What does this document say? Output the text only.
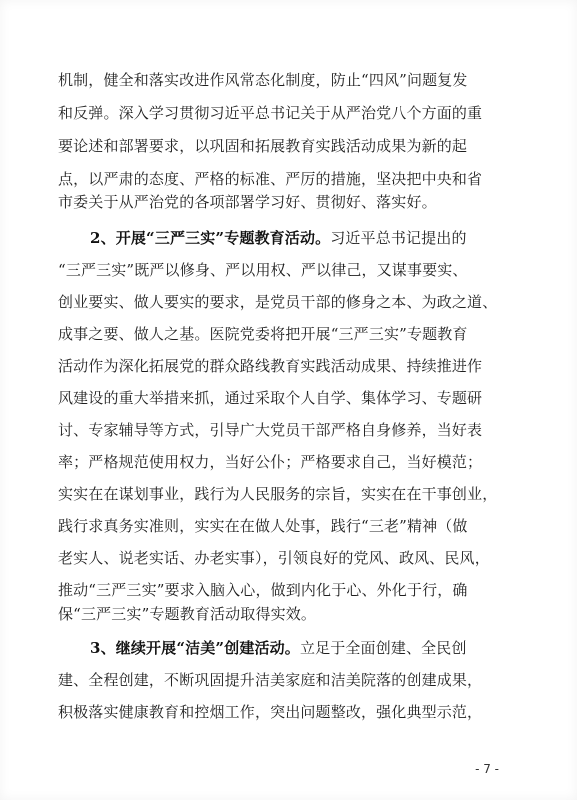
机制，健全和落实改进作风常态化制度，防止“四风”问题复发
和反弹。深入学习贯彻习近平总书记关于从严治党八个方面的重
要论述和部署要求，以巩固和拓展教育实践活动成果为新的起
点，以严肃的态度、严格的标准、严厉的措施，坚决把中央和省
市委关于从严治党的各项部署学习好、贯彻好、落实好。
2、开展“三严三实”专题教育活动。习近平总书记提出的
“三严三实”既严以修身、严以用权、严以律己，又谋事要实、
创业要实、做人要实的要求，是党员干部的修身之本、为政之道、
成事之要、做人之基。医院党委将把开展“三严三实”专题教育
活动作为深化拓展党的群众路线教育实践活动成果、持续推进作
风建设的重大举措来抓，通过采取个人自学、集体学习、专题研
讨、专家辅导等方式，引导广大党员干部严格自身修养，当好表
率；严格规范使用权力，当好公仆；严格要求自己，当好模范；
实实在在谋划事业，践行为人民服务的宗旨，实实在在干事创业，
践行求真务实准则，实实在在做人处事，践行“三老”精神（做
老实人、说老实话、办老实事），引领良好的党风、政风、民风，
推动“三严三实”要求入脑入心，做到内化于心、外化于行，确
保“三严三实”专题教育活动取得实效。
3、继续开展“洁美”创建活动。立足于全面创建、全民创
建、全程创建，不断巩固提升洁美家庭和洁美院落的创建成果，
积极落实健康教育和控烟工作，突出问题整改，强化典型示范，
- 7 -
